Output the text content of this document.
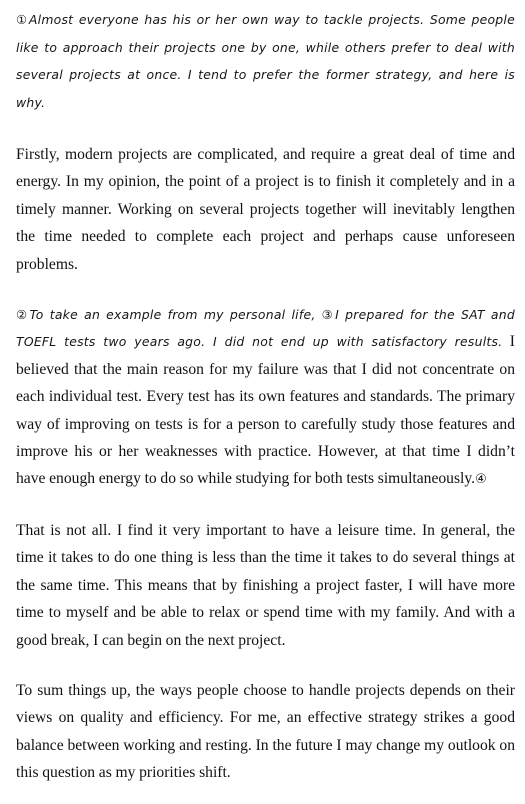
①Almost everyone has his or her own way to tackle projects. Some people like to approach their projects one by one, while others prefer to deal with several projects at once. I tend to prefer the former strategy, and here is why.

Firstly, modern projects are complicated, and require a great deal of time and energy. In my opinion, the point of a project is to finish it completely and in a timely manner. Working on several projects together will inevitably lengthen the time needed to complete each project and perhaps cause unforeseen problems.

②To take an example from my personal life, ③I prepared for the SAT and TOEFL tests two years ago. I did not end up with satisfactory results. I believed that the main reason for my failure was that I did not concentrate on each individual test. Every test has its own features and standards. The primary way of improving on tests is for a person to carefully study those features and improve his or her weaknesses with practice. However, at that time I didn’t have enough energy to do so while studying for both tests simultaneously.④

That is not all. I find it very important to have a leisure time. In general, the time it takes to do one thing is less than the time it takes to do several things at the same time. This means that by finishing a project faster, I will have more time to myself and be able to relax or spend time with my family. And with a good break, I can begin on the next project.

To sum things up, the ways people choose to handle projects depends on their views on quality and efficiency. For me, an effective strategy strikes a good balance between working and resting. In the future I may change my outlook on this question as my priorities shift.
